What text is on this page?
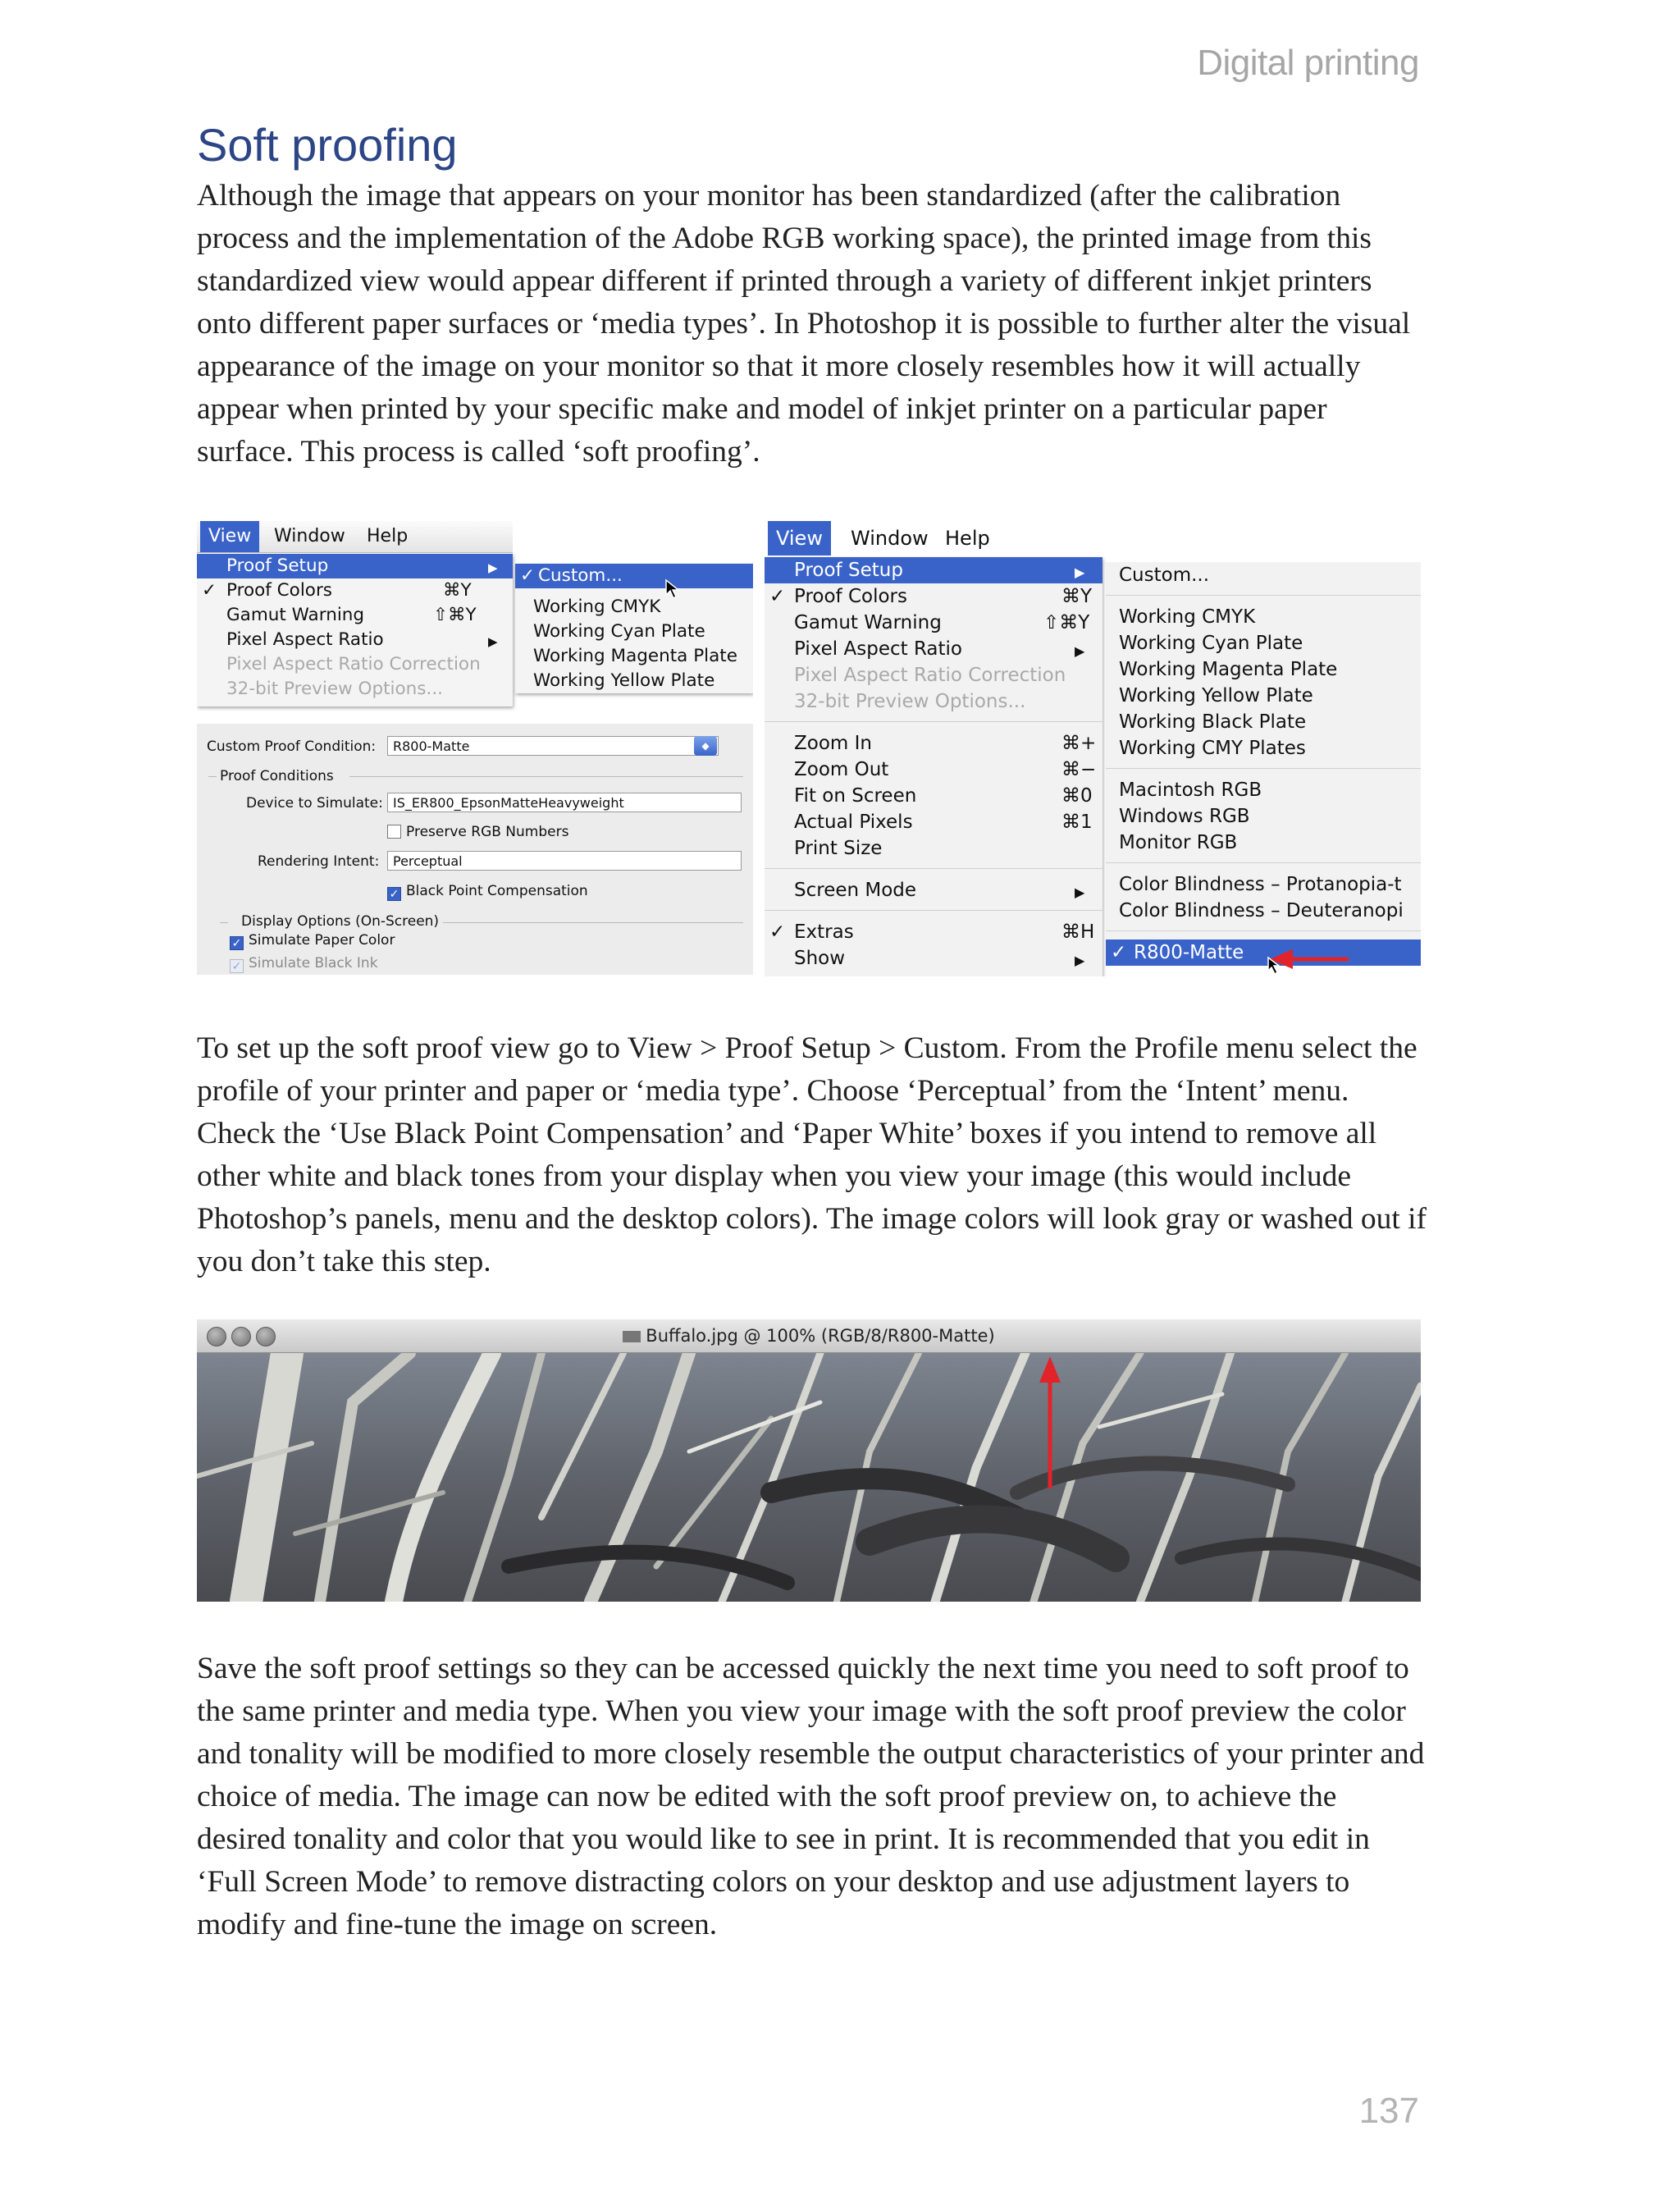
Digital printing
Soft proofing

Although the image that appears on your monitor has been standardized (after the calibration process and the implementation of the Adobe RGB working space), the printed image from this standardized view would appear different if printed through a variety of different inkjet printers onto different paper surfaces or ‘media types’. In Photoshop it is possible to further alter the visual appearance of the image on your monitor so that it more closely resembles how it will actually appear when printed by your specific make and model of inkjet printer on a particular paper surface. This process is called ‘soft proofing’.

View	Window	Help
Proof Setup	▶
✓ Proof Colors	⌘Y
Gamut Warning	⇧⌘Y
Pixel Aspect Ratio	▶
Pixel Aspect Ratio Correction
32-bit Preview Options...
✓ Custom...
Working CMYK
Working Cyan Plate
Working Magenta Plate
Working Yellow Plate
Custom Proof Condition:	R800-Matte	◆
Proof Conditions
Device to Simulate: IS_ER800_EpsonMatteHeavyweight
Preserve RGB Numbers
Rendering Intent:	Perceptual
✓ Black Point Compensation
Display Options (On-Screen)
✓ Simulate Paper Color
✓ Simulate Black Ink
View	Window Help
Proof Setup	▶
✓ Proof Colors	⌘Y
Gamut Warning	⇧⌘Y
Pixel Aspect Ratio	▶
Pixel Aspect Ratio Correction
32-bit Preview Options...
Zoom In	⌘+
Zoom Out	⌘−
Fit on Screen	⌘0
Actual Pixels	⌘1
Print Size
Screen Mode	▶
✓ Extras	⌘H
Show	▶
Custom...
Working CMYK
Working Cyan Plate
Working Magenta Plate
Working Yellow Plate
Working Black Plate
Working CMY Plates
Macintosh RGB
Windows RGB
Monitor RGB
Color Blindness – Protanopia-t
Color Blindness – Deuteranopi
✓ R800-Matte

To set up the soft proof view go to View > Proof Setup > Custom. From the Profile menu select the profile of your printer and paper or ‘media type’. Choose ‘Perceptual’ from the ‘Intent’ menu. Check the ‘Use Black Point Compensation’ and ‘Paper White’ boxes if you intend to remove all other white and black tones from your display when you view your image (this would include Photoshop’s panels, menu and the desktop colors). The image colors will look gray or washed out if you don’t take this step.

Buffalo.jpg @ 100% (RGB/8/R800-Matte)

Save the soft proof settings so they can be accessed quickly the next time you need to soft proof to the same printer and media type. When you view your image with the soft proof preview the color and tonality will be modified to more closely resemble the output characteristics of your printer and choice of media. The image can now be edited with the soft proof preview on, to achieve the desired tonality and color that you would like to see in print. It is recommended that you edit in ‘Full Screen Mode’ to remove distracting colors on your desktop and use adjustment layers to modify and fine-tune the image on screen.

137
